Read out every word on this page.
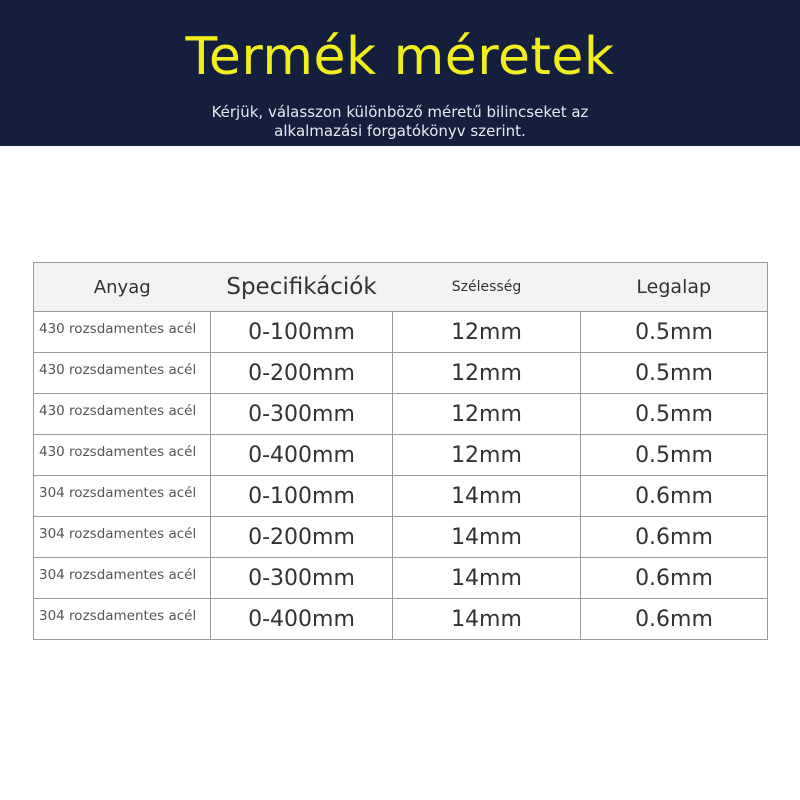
Termék méretek
Kérjük, válasszon különböző méretű bilincseket az
alkalmazási forgatókönyv szerint.
Anyag	Specifikációk	Szélesség	Legalap
430 rozsdamentes acél	0-100mm	12mm	0.5mm
430 rozsdamentes acél	0-200mm	12mm	0.5mm
430 rozsdamentes acél	0-300mm	12mm	0.5mm
430 rozsdamentes acél	0-400mm	12mm	0.5mm
304 rozsdamentes acél	0-100mm	14mm	0.6mm
304 rozsdamentes acél	0-200mm	14mm	0.6mm
304 rozsdamentes acél	0-300mm	14mm	0.6mm
304 rozsdamentes acél	0-400mm	14mm	0.6mm
